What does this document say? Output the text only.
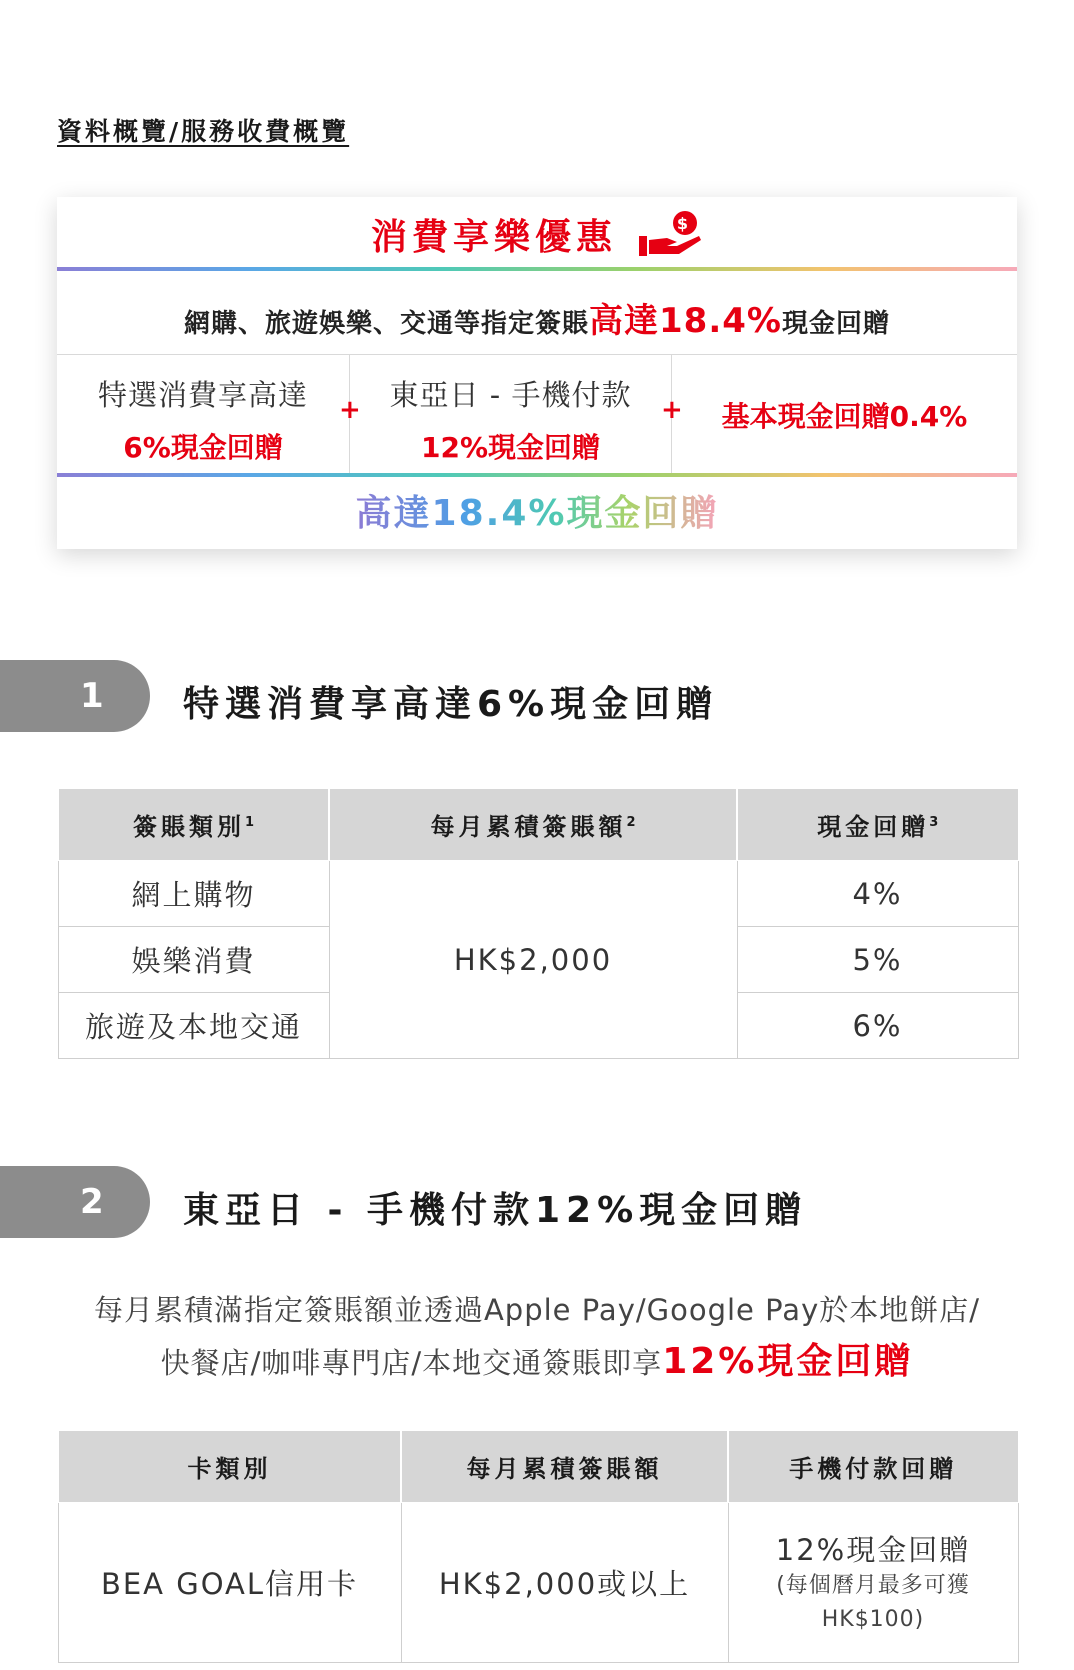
資料概覽/服務收費概覽
消費享樂優惠	$
網購、旅遊娛樂、交通等指定簽賬高達18.4%現金回贈
特選消費享高達
6%現金回贈
東亞日 - 手機付款
12%現金回贈
基本現金回贈0.4%
+	+
高達18.4%現金回贈
1	特選消費享高達6%現金回贈
簽賬類別$^1$	每月累積簽賬額$^2$	現金回贈$^3$
網上購物	HK$2,000	4%
娛樂消費		5%
旅遊及本地交通		6%
2	東亞日 - 手機付款12%現金回贈
每月累積滿指定簽賬額並透過Apple Pay/Google Pay於本地餅店/
快餐店/咖啡專門店/本地交通簽賬即享12%現金回贈
卡類別	每月累積簽賬額	手機付款回贈
BEA GOAL信用卡	HK$2,000或以上	12%現金回贈
(每個曆月最多可獲
HK$100)
